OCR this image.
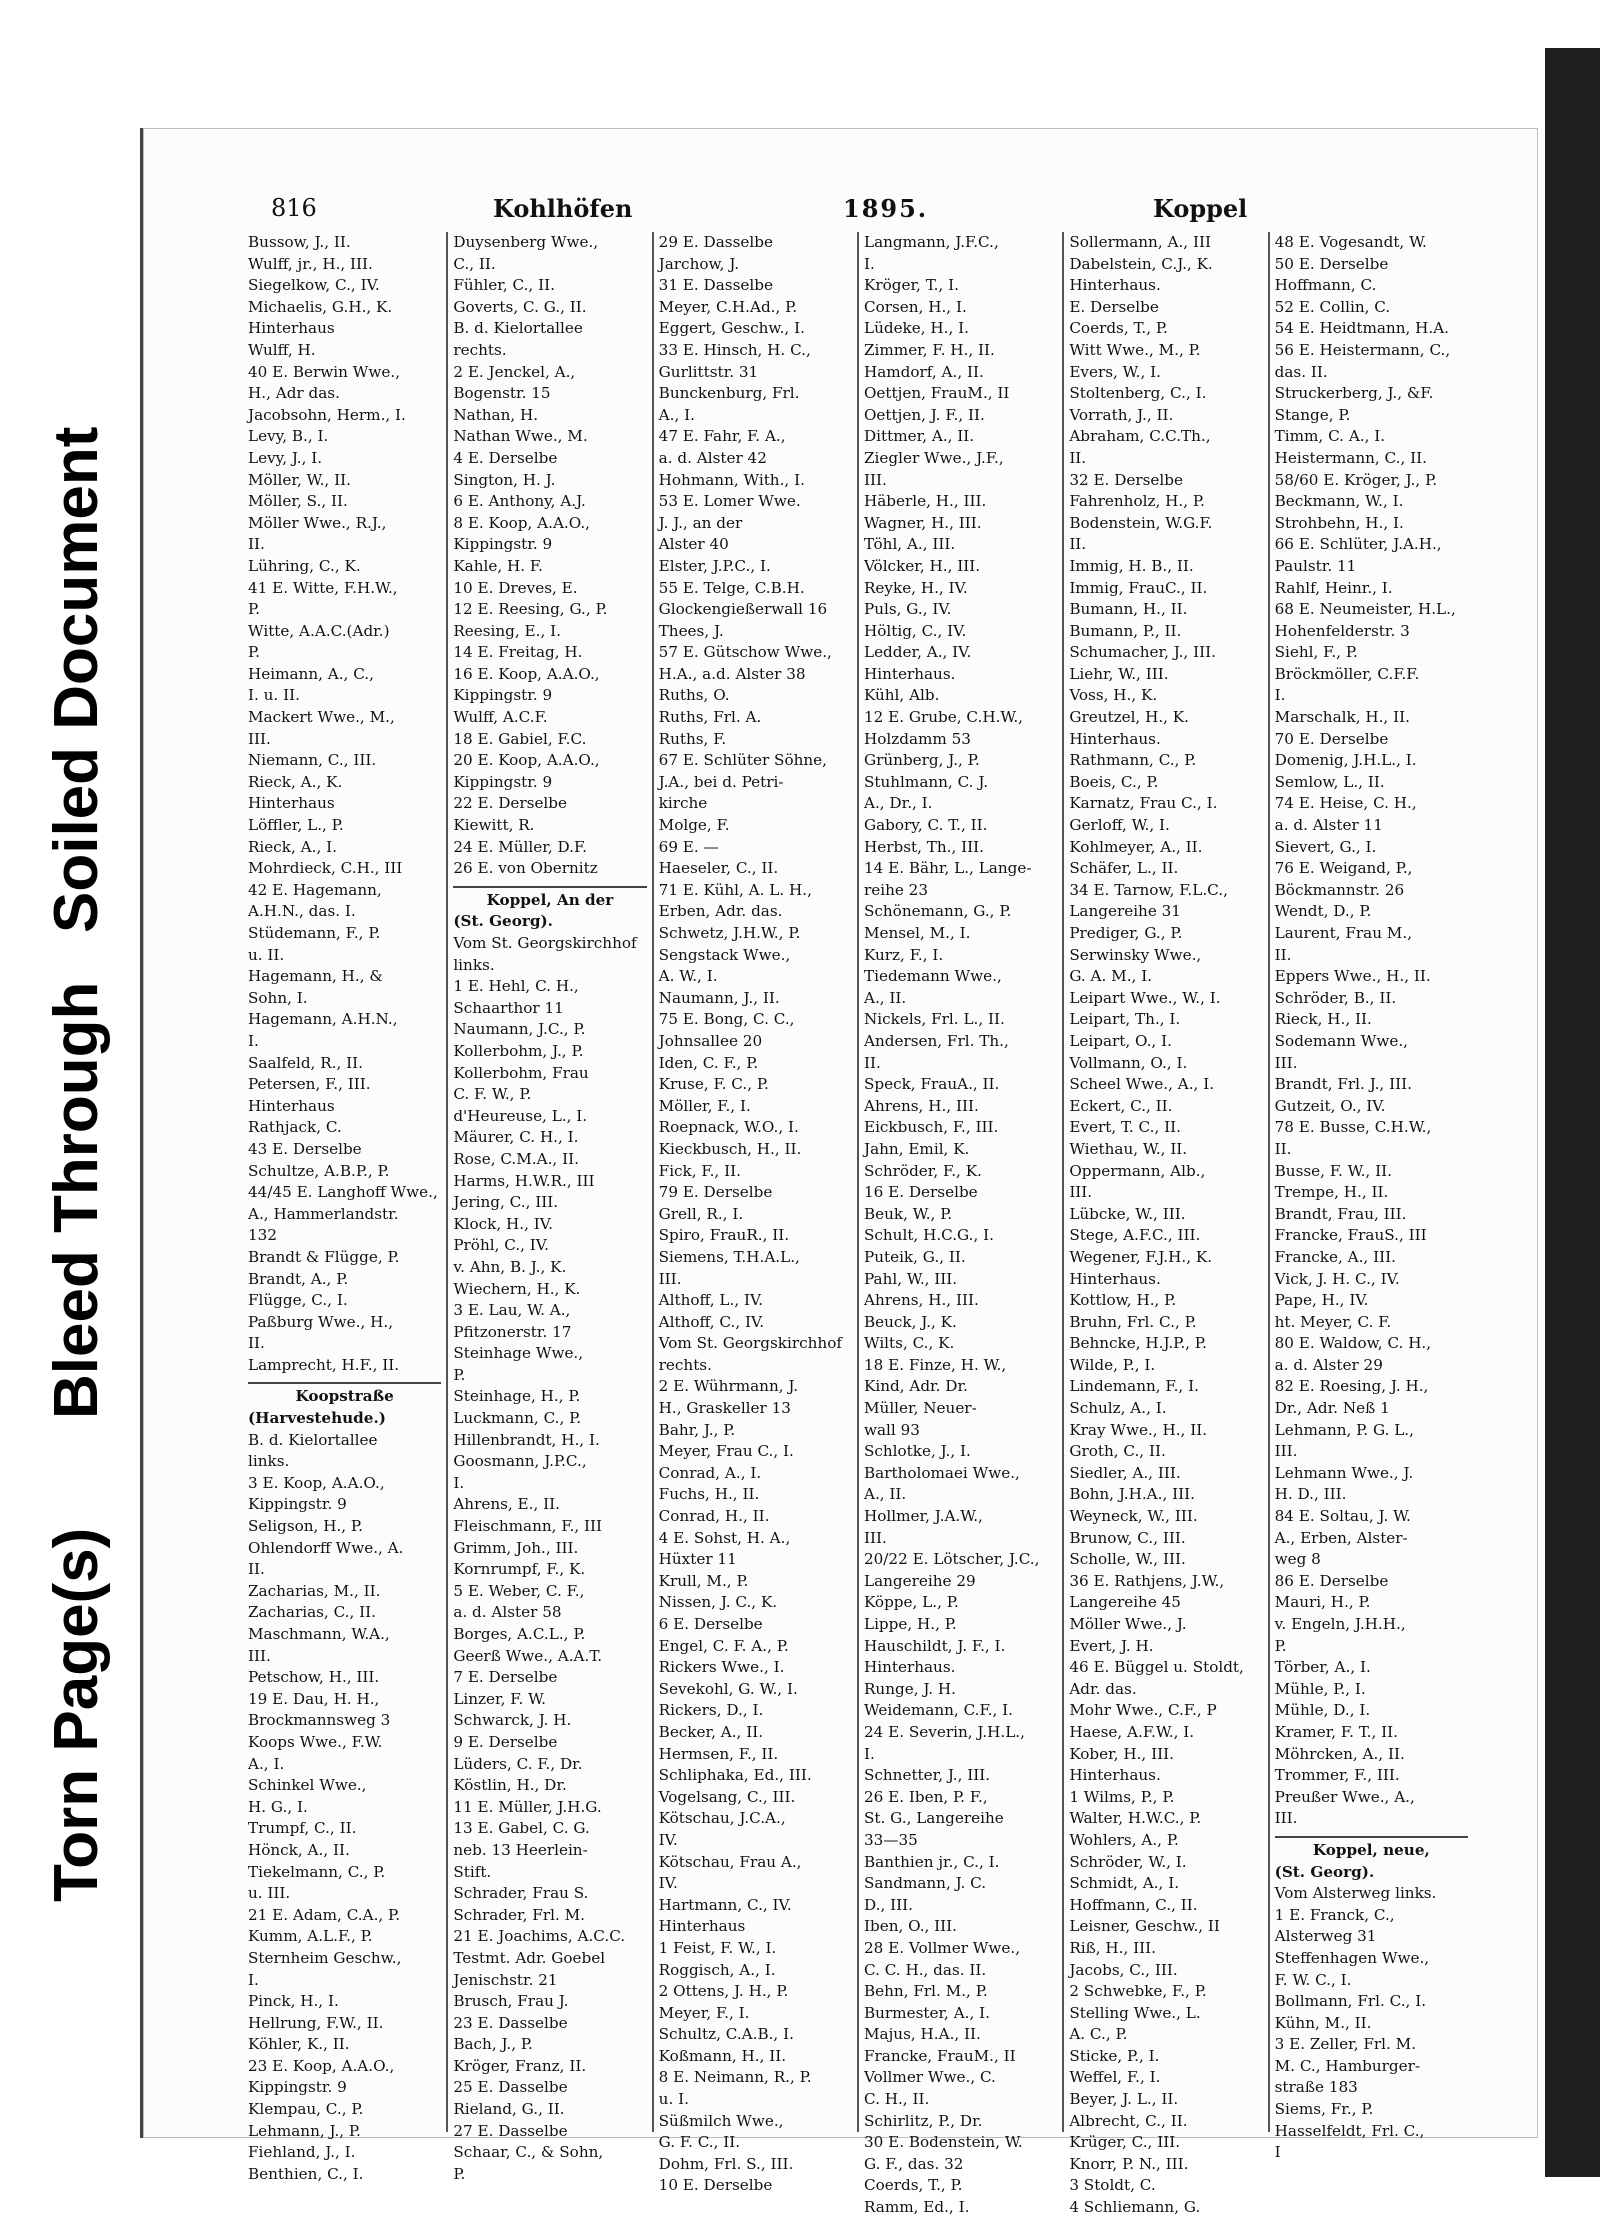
Torn Page(s)
Bleed Through
Soiled Document
816	Kohlhöfen	1895.	Koppel
Bussow, J., II.
Wulff, jr., H., III.
Siegelkow, C., IV.
Michaelis, G.H., K.
Hinterhaus
Wulff, H.
40 E. Berwin Wwe.,
H., Adr das.
Jacobsohn, Herm., I.
Levy, B., I.
Levy, J., I.
Möller, W., II.
Möller, S., II.
Möller Wwe., R.J.,
II.
Lühring, C., K.
41 E. Witte, F.H.W.,
P.
Witte, A.A.C.(Adr.)
P.
Heimann, A., C.,
I. u. II.
Mackert Wwe., M.,
III.
Niemann, C., III.
Rieck, A., K.
Hinterhaus
Löffler, L., P.
Rieck, A., I.
Mohrdieck, C.H., III
42 E. Hagemann,
A.H.N., das. I.
Stüdemann, F., P.
u. II.
Hagemann, H., &
Sohn, I.
Hagemann, A.H.N.,
I.
Saalfeld, R., II.
Petersen, F., III.
Hinterhaus
Rathjack, C.
43 E. Derselbe
Schultze, A.B.P., P.
44/45 E. Langhoff Wwe.,
A., Hammerlandstr.
132
Brandt & Flügge, P.
Brandt, A., P.
Flügge, C., I.
Paßburg Wwe., H.,
II.
Lamprecht, H.F., II.
Koopstraße
(Harvestehude.)
B. d. Kielortallee
links.
3 E. Koop, A.A.O.,
Kippingstr. 9
Seligson, H., P.
Ohlendorff Wwe., A.
II.
Zacharias, M., II.
Zacharias, C., II.
Maschmann, W.A.,
III.
Petschow, H., III.
19 E. Dau, H. H.,
Brockmannsweg 3
Koops Wwe., F.W.
A., I.
Schinkel Wwe.,
H. G., I.
Trumpf, C., II.
Hönck, A., II.
Tiekelmann, C., P.
u. III.
21 E. Adam, C.A., P.
Kumm, A.L.F., P.
Sternheim Geschw.,
I.
Pinck, H., I.
Hellrung, F.W., II.
Köhler, K., II.
23 E. Koop, A.A.O.,
Kippingstr. 9
Klempau, C., P.
Lehmann, J., P.
Fiehland, J., I.
Benthien, C., I.
Duysenberg Wwe.,
C., II.
Fühler, C., II.
Goverts, C. G., II.
B. d. Kielortallee
rechts.
2 E. Jenckel, A.,
Bogenstr. 15
Nathan, H.
Nathan Wwe., M.
4 E. Derselbe
Sington, H. J.
6 E. Anthony, A.J.
8 E. Koop, A.A.O.,
Kippingstr. 9
Kahle, H. F.
10 E. Dreves, E.
12 E. Reesing, G., P.
Reesing, E., I.
14 E. Freitag, H.
16 E. Koop, A.A.O.,
Kippingstr. 9
Wulff, A.C.F.
18 E. Gabiel, F.C.
20 E. Koop, A.A.O.,
Kippingstr. 9
22 E. Derselbe
Kiewitt, R.
24 E. Müller, D.F.
26 E. von Obernitz
Koppel, An der
(St. Georg).
Vom St. Georgskirchhof
links.
1 E. Hehl, C. H.,
Schaarthor 11
Naumann, J.C., P.
Kollerbohm, J., P.
Kollerbohm, Frau
C. F. W., P.
d'Heureuse, L., I.
Mäurer, C. H., I.
Rose, C.M.A., II.
Harms, H.W.R., III
Jering, C., III.
Klock, H., IV.
Pröhl, C., IV.
v. Ahn, B. J., K.
Wiechern, H., K.
3 E. Lau, W. A.,
Pfitzonerstr. 17
Steinhage Wwe.,
P.
Steinhage, H., P.
Luckmann, C., P.
Hillenbrandt, H., I.
Goosmann, J.P.C.,
I.
Ahrens, E., II.
Fleischmann, F., III
Grimm, Joh., III.
Kornrumpf, F., K.
5 E. Weber, C. F.,
a. d. Alster 58
Borges, A.C.L., P.
Geerß Wwe., A.A.T.
7 E. Derselbe
Linzer, F. W.
Schwarck, J. H.
9 E. Derselbe
Lüders, C. F., Dr.
Köstlin, H., Dr.
11 E. Müller, J.H.G.
13 E. Gabel, C. G.
neb. 13 Heerlein-
Stift.
Schrader, Frau S.
Schrader, Frl. M.
21 E. Joachims, A.C.C.
Testmt. Adr. Goebel
Jenischstr. 21
Brusch, Frau J.
23 E. Dasselbe
Bach, J., P.
Kröger, Franz, II.
25 E. Dasselbe
Rieland, G., II.
27 E. Dasselbe
Schaar, C., & Sohn,
P.
29 E. Dasselbe
Jarchow, J.
31 E. Dasselbe
Meyer, C.H.Ad., P.
Eggert, Geschw., I.
33 E. Hinsch, H. C.,
Gurlittstr. 31
Bunckenburg, Frl.
A., I.
47 E. Fahr, F. A.,
a. d. Alster 42
Hohmann, With., I.
53 E. Lomer Wwe.
J. J., an der
Alster 40
Elster, J.P.C., I.
55 E. Telge, C.B.H.
Glockengießerwall 16
Thees, J.
57 E. Gütschow Wwe.,
H.A., a.d. Alster 38
Ruths, O.
Ruths, Frl. A.
Ruths, F.
67 E. Schlüter Söhne,
J.A., bei d. Petri-
kirche
Molge, F.
69 E. —
Haeseler, C., II.
71 E. Kühl, A. L. H.,
Erben, Adr. das.
Schwetz, J.H.W., P.
Sengstack Wwe.,
A. W., I.
Naumann, J., II.
75 E. Bong, C. C.,
Johnsallee 20
Iden, C. F., P.
Kruse, F. C., P.
Möller, F., I.
Roepnack, W.O., I.
Kieckbusch, H., II.
Fick, F., II.
79 E. Derselbe
Grell, R., I.
Spiro, FrauR., II.
Siemens, T.H.A.L.,
III.
Althoff, L., IV.
Althoff, C., IV.
Vom St. Georgskirchhof
rechts.
2 E. Wührmann, J.
H., Graskeller 13
Bahr, J., P.
Meyer, Frau C., I.
Conrad, A., I.
Fuchs, H., II.
Conrad, H., II.
4 E. Sohst, H. A.,
Hüxter 11
Krull, M., P.
Nissen, J. C., K.
6 E. Derselbe
Engel, C. F. A., P.
Rickers Wwe., I.
Sevekohl, G. W., I.
Rickers, D., I.
Becker, A., II.
Hermsen, F., II.
Schliphaka, Ed., III.
Vogelsang, C., III.
Kötschau, J.C.A.,
IV.
Kötschau, Frau A.,
IV.
Hartmann, C., IV.
Hinterhaus
1 Feist, F. W., I.
Roggisch, A., I.
2 Ottens, J. H., P.
Meyer, F., I.
Schultz, C.A.B., I.
Koßmann, H., II.
8 E. Neimann, R., P.
u. I.
Süßmilch Wwe.,
G. F. C., II.
Dohm, Frl. S., III.
10 E. Derselbe
Langmann, J.F.C.,
I.
Kröger, T., I.
Corsen, H., I.
Lüdeke, H., I.
Zimmer, F. H., II.
Hamdorf, A., II.
Oettjen, FrauM., II
Oettjen, J. F., II.
Dittmer, A., II.
Ziegler Wwe., J.F.,
III.
Häberle, H., III.
Wagner, H., III.
Töhl, A., III.
Völcker, H., III.
Reyke, H., IV.
Puls, G., IV.
Höltig, C., IV.
Ledder, A., IV.
Hinterhaus.
Kühl, Alb.
12 E. Grube, C.H.W.,
Holzdamm 53
Grünberg, J., P.
Stuhlmann, C. J.
A., Dr., I.
Gabory, C. T., II.
Herbst, Th., III.
14 E. Bähr, L., Lange-
reihe 23
Schönemann, G., P.
Mensel, M., I.
Kurz, F., I.
Tiedemann Wwe.,
A., II.
Nickels, Frl. L., II.
Andersen, Frl. Th.,
II.
Speck, FrauA., II.
Ahrens, H., III.
Eickbusch, F., III.
Jahn, Emil, K.
Schröder, F., K.
16 E. Derselbe
Beuk, W., P.
Schult, H.C.G., I.
Puteik, G., II.
Pahl, W., III.
Ahrens, H., III.
Beuck, J., K.
Wilts, C., K.
18 E. Finze, H. W.,
Kind, Adr. Dr.
Müller, Neuer-
wall 93
Schlotke, J., I.
Bartholomaei Wwe.,
A., II.
Hollmer, J.A.W.,
III.
20/22 E. Lötscher, J.C.,
Langereihe 29
Köppe, L., P.
Lippe, H., P.
Hauschildt, J. F., I.
Hinterhaus.
Runge, J. H.
Weidemann, C.F., I.
24 E. Severin, J.H.L.,
I.
Schnetter, J., III.
26 E. Iben, P. F.,
St. G., Langereihe
33—35
Banthien jr., C., I.
Sandmann, J. C.
D., III.
Iben, O., III.
28 E. Vollmer Wwe.,
C. C. H., das. II.
Behn, Frl. M., P.
Burmester, A., I.
Majus, H.A., II.
Francke, FrauM., II
Vollmer Wwe., C.
C. H., II.
Schirlitz, P., Dr.
30 E. Bodenstein, W.
G. F., das. 32
Coerds, T., P.
Ramm, Ed., I.
Sollermann, A., III
Dabelstein, C.J., K.
Hinterhaus.
E. Derselbe
Coerds, T., P.
Witt Wwe., M., P.
Evers, W., I.
Stoltenberg, C., I.
Vorrath, J., II.
Abraham, C.C.Th.,
II.
32 E. Derselbe
Fahrenholz, H., P.
Bodenstein, W.G.F.
II.
Immig, H. B., II.
Immig, FrauC., II.
Bumann, H., II.
Bumann, P., II.
Schumacher, J., III.
Liehr, W., III.
Voss, H., K.
Greutzel, H., K.
Hinterhaus.
Rathmann, C., P.
Boeis, C., P.
Karnatz, Frau C., I.
Gerloff, W., I.
Kohlmeyer, A., II.
Schäfer, L., II.
34 E. Tarnow, F.L.C.,
Langereihe 31
Prediger, G., P.
Serwinsky Wwe.,
G. A. M., I.
Leipart Wwe., W., I.
Leipart, Th., I.
Leipart, O., I.
Vollmann, O., I.
Scheel Wwe., A., I.
Eckert, C., II.
Evert, T. C., II.
Wiethau, W., II.
Oppermann, Alb.,
III.
Lübcke, W., III.
Stege, A.F.C., III.
Wegener, F.J.H., K.
Hinterhaus.
Kottlow, H., P.
Bruhn, Frl. C., P.
Behncke, H.J.P., P.
Wilde, P., I.
Lindemann, F., I.
Schulz, A., I.
Kray Wwe., H., II.
Groth, C., II.
Siedler, A., III.
Bohn, J.H.A., III.
Weyneck, W., III.
Brunow, C., III.
Scholle, W., III.
36 E. Rathjens, J.W.,
Langereihe 45
Möller Wwe., J.
Evert, J. H.
46 E. Büggel u. Stoldt,
Adr. das.
Mohr Wwe., C.F., P
Haese, A.F.W., I.
Kober, H., III.
Hinterhaus.
1 Wilms, P., P.
Walter, H.W.C., P.
Wohlers, A., P.
Schröder, W., I.
Schmidt, A., I.
Hoffmann, C., II.
Leisner, Geschw., II
Riß, H., III.
Jacobs, C., III.
2 Schwebke, F., P.
Stelling Wwe., L.
A. C., P.
Sticke, P., I.
Weffel, F., I.
Beyer, J. L., II.
Albrecht, C., II.
Krüger, C., III.
Knorr, P. N., III.
3 Stoldt, C.
4 Schliemann, G.
48 E. Vogesandt, W.
50 E. Derselbe
Hoffmann, C.
52 E. Collin, C.
54 E. Heidtmann, H.A.
56 E. Heistermann, C.,
das. II.
Struckerberg, J., &F.
Stange, P.
Timm, C. A., I.
Heistermann, C., II.
58/60 E. Kröger, J., P.
Beckmann, W., I.
Strohbehn, H., I.
66 E. Schlüter, J.A.H.,
Paulstr. 11
Rahlf, Heinr., I.
68 E. Neumeister, H.L.,
Hohenfelderstr. 3
Siehl, F., P.
Bröckmöller, C.F.F.
I.
Marschalk, H., II.
70 E. Derselbe
Domenig, J.H.L., I.
Semlow, L., II.
74 E. Heise, C. H.,
a. d. Alster 11
Sievert, G., I.
76 E. Weigand, P.,
Böckmannstr. 26
Wendt, D., P.
Laurent, Frau M.,
II.
Eppers Wwe., H., II.
Schröder, B., II.
Rieck, H., II.
Sodemann Wwe.,
III.
Brandt, Frl. J., III.
Gutzeit, O., IV.
78 E. Busse, C.H.W.,
II.
Busse, F. W., II.
Trempe, H., II.
Brandt, Frau, III.
Francke, FrauS., III
Francke, A., III.
Vick, J. H. C., IV.
Pape, H., IV.
ht. Meyer, C. F.
80 E. Waldow, C. H.,
a. d. Alster 29
82 E. Roesing, J. H.,
Dr., Adr. Neß 1
Lehmann, P. G. L.,
III.
Lehmann Wwe., J.
H. D., III.
84 E. Soltau, J. W.
A., Erben, Alster-
weg 8
86 E. Derselbe
Mauri, H., P.
v. Engeln, J.H.H.,
P.
Törber, A., I.
Mühle, P., I.
Mühle, D., I.
Kramer, F. T., II.
Möhrcken, A., II.
Trommer, F., III.
Preußer Wwe., A.,
III.
Koppel, neue,
(St. Georg).
Vom Alsterweg links.
1 E. Franck, C.,
Alsterweg 31
Steffenhagen Wwe.,
F. W. C., I.
Bollmann, Frl. C., I.
Kühn, M., II.
3 E. Zeller, Frl. M.
M. C., Hamburger-
straße 183
Siems, Fr., P.
Hasselfeldt, Frl. C.,
I
